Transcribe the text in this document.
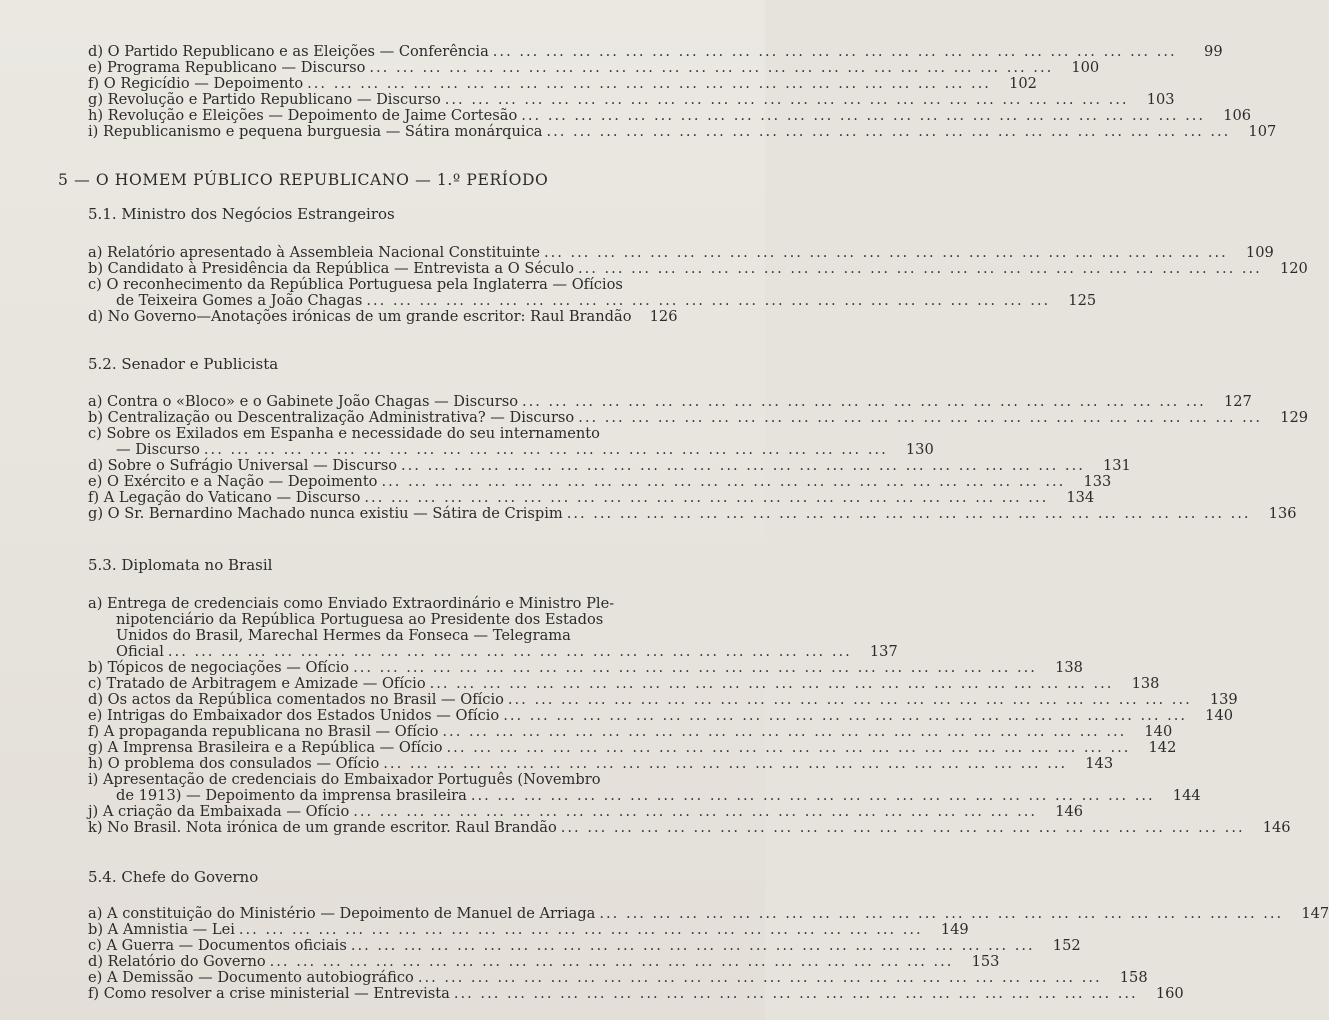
d) O Partido Republicano e as Eleições — Conferência ... ... ... ... ... ... ... ... ... ... ... ... ... ... ... ... ... ... ... ... ... ... ... ... ... ...	99
e) Programa Republicano — Discurso ... ... ... ... ... ... ... ... ... ... ... ... ... ... ... ... ... ... ... ... ... ... ... ... ... ...	100
f) O Regicídio — Depoimento ... ... ... ... ... ... ... ... ... ... ... ... ... ... ... ... ... ... ... ... ... ... ... ... ... ...	102
g) Revolução e Partido Republicano — Discurso ... ... ... ... ... ... ... ... ... ... ... ... ... ... ... ... ... ... ... ... ... ... ... ... ... ...	103
h) Revolução e Eleições — Depoimento de Jaime Cortesão ... ... ... ... ... ... ... ... ... ... ... ... ... ... ... ... ... ... ... ... ... ... ... ... ... ...	106
i) Republicanismo e pequena burguesia — Sátira monárquica ... ... ... ... ... ... ... ... ... ... ... ... ... ... ... ... ... ... ... ... ... ... ... ... ... ...	107
5 — O HOMEM PÚBLICO REPUBLICANO — 1.º PERÍODO
5.1. Ministro dos Negócios Estrangeiros
a) Relatório apresentado à Assembleia Nacional Constituinte ... ... ... ... ... ... ... ... ... ... ... ... ... ... ... ... ... ... ... ... ... ... ... ... ... ...	109
b) Candidato à Presidência da República — Entrevista a O Século ... ... ... ... ... ... ... ... ... ... ... ... ... ... ... ... ... ... ... ... ... ... ... ... ... ...	120
c) O reconhecimento da República Portuguesa pela Inglaterra — Ofícios
de Teixeira Gomes a João Chagas ... ... ... ... ... ... ... ... ... ... ... ... ... ... ... ... ... ... ... ... ... ... ... ... ... ...	125
d) No Governo—Anotações irónicas de um grande escritor: Raul Brandão	126
5.2. Senador e Publicista
a) Contra o «Bloco» e o Gabinete João Chagas — Discurso ... ... ... ... ... ... ... ... ... ... ... ... ... ... ... ... ... ... ... ... ... ... ... ... ... ...	127
b) Centralização ou Descentralização Administrativa? — Discurso ... ... ... ... ... ... ... ... ... ... ... ... ... ... ... ... ... ... ... ... ... ... ... ... ... ...	129
c) Sobre os Exilados em Espanha e necessidade do seu internamento
— Discurso ... ... ... ... ... ... ... ... ... ... ... ... ... ... ... ... ... ... ... ... ... ... ... ... ... ...	130
d) Sobre o Sufrágio Universal — Discurso ... ... ... ... ... ... ... ... ... ... ... ... ... ... ... ... ... ... ... ... ... ... ... ... ... ...	131
e) O Exército e a Nação — Depoimento ... ... ... ... ... ... ... ... ... ... ... ... ... ... ... ... ... ... ... ... ... ... ... ... ... ...	133
f) A Legação do Vaticano — Discurso ... ... ... ... ... ... ... ... ... ... ... ... ... ... ... ... ... ... ... ... ... ... ... ... ... ...	134
g) O Sr. Bernardino Machado nunca existiu — Sátira de Crispim ... ... ... ... ... ... ... ... ... ... ... ... ... ... ... ... ... ... ... ... ... ... ... ... ... ...	136
5.3. Diplomata no Brasil
a) Entrega de credenciais como Enviado Extraordinário e Ministro Ple-
nipotenciário da República Portuguesa ao Presidente dos Estados
Unidos do Brasil, Marechal Hermes da Fonseca — Telegrama
Oficial ... ... ... ... ... ... ... ... ... ... ... ... ... ... ... ... ... ... ... ... ... ... ... ... ... ...	137
b) Tópicos de negociações — Ofício ... ... ... ... ... ... ... ... ... ... ... ... ... ... ... ... ... ... ... ... ... ... ... ... ... ...	138
c) Tratado de Arbitragem e Amizade — Ofício ... ... ... ... ... ... ... ... ... ... ... ... ... ... ... ... ... ... ... ... ... ... ... ... ... ...	138
d) Os actos da República comentados no Brasil — Ofício ... ... ... ... ... ... ... ... ... ... ... ... ... ... ... ... ... ... ... ... ... ... ... ... ... ...	139
e) Intrigas do Embaixador dos Estados Unidos — Ofício ... ... ... ... ... ... ... ... ... ... ... ... ... ... ... ... ... ... ... ... ... ... ... ... ... ...	140
f) A propaganda republicana no Brasil — Ofício ... ... ... ... ... ... ... ... ... ... ... ... ... ... ... ... ... ... ... ... ... ... ... ... ... ...	140
g) A Imprensa Brasileira e a República — Ofício ... ... ... ... ... ... ... ... ... ... ... ... ... ... ... ... ... ... ... ... ... ... ... ... ... ...	142
h) O problema dos consulados — Ofício ... ... ... ... ... ... ... ... ... ... ... ... ... ... ... ... ... ... ... ... ... ... ... ... ... ...	143
i) Apresentação de credenciais do Embaixador Português (Novembro
de 1913) — Depoimento da imprensa brasileira ... ... ... ... ... ... ... ... ... ... ... ... ... ... ... ... ... ... ... ... ... ... ... ... ... ...	144
j) A criação da Embaixada — Ofício ... ... ... ... ... ... ... ... ... ... ... ... ... ... ... ... ... ... ... ... ... ... ... ... ... ...	146
k) No Brasil. Nota irónica de um grande escritor. Raul Brandão ... ... ... ... ... ... ... ... ... ... ... ... ... ... ... ... ... ... ... ... ... ... ... ... ... ...	146
5.4. Chefe do Governo
a) A constituição do Ministério — Depoimento de Manuel de Arriaga ... ... ... ... ... ... ... ... ... ... ... ... ... ... ... ... ... ... ... ... ... ... ... ... ... ...	147
b) A Amnistia — Lei ... ... ... ... ... ... ... ... ... ... ... ... ... ... ... ... ... ... ... ... ... ... ... ... ... ...	149
c) A Guerra — Documentos oficiais ... ... ... ... ... ... ... ... ... ... ... ... ... ... ... ... ... ... ... ... ... ... ... ... ... ...	152
d) Relatório do Governo ... ... ... ... ... ... ... ... ... ... ... ... ... ... ... ... ... ... ... ... ... ... ... ... ... ...	153
e) A Demissão — Documento autobiográfico ... ... ... ... ... ... ... ... ... ... ... ... ... ... ... ... ... ... ... ... ... ... ... ... ... ...	158
f) Como resolver a crise ministerial — Entrevista ... ... ... ... ... ... ... ... ... ... ... ... ... ... ... ... ... ... ... ... ... ... ... ... ... ...	160
